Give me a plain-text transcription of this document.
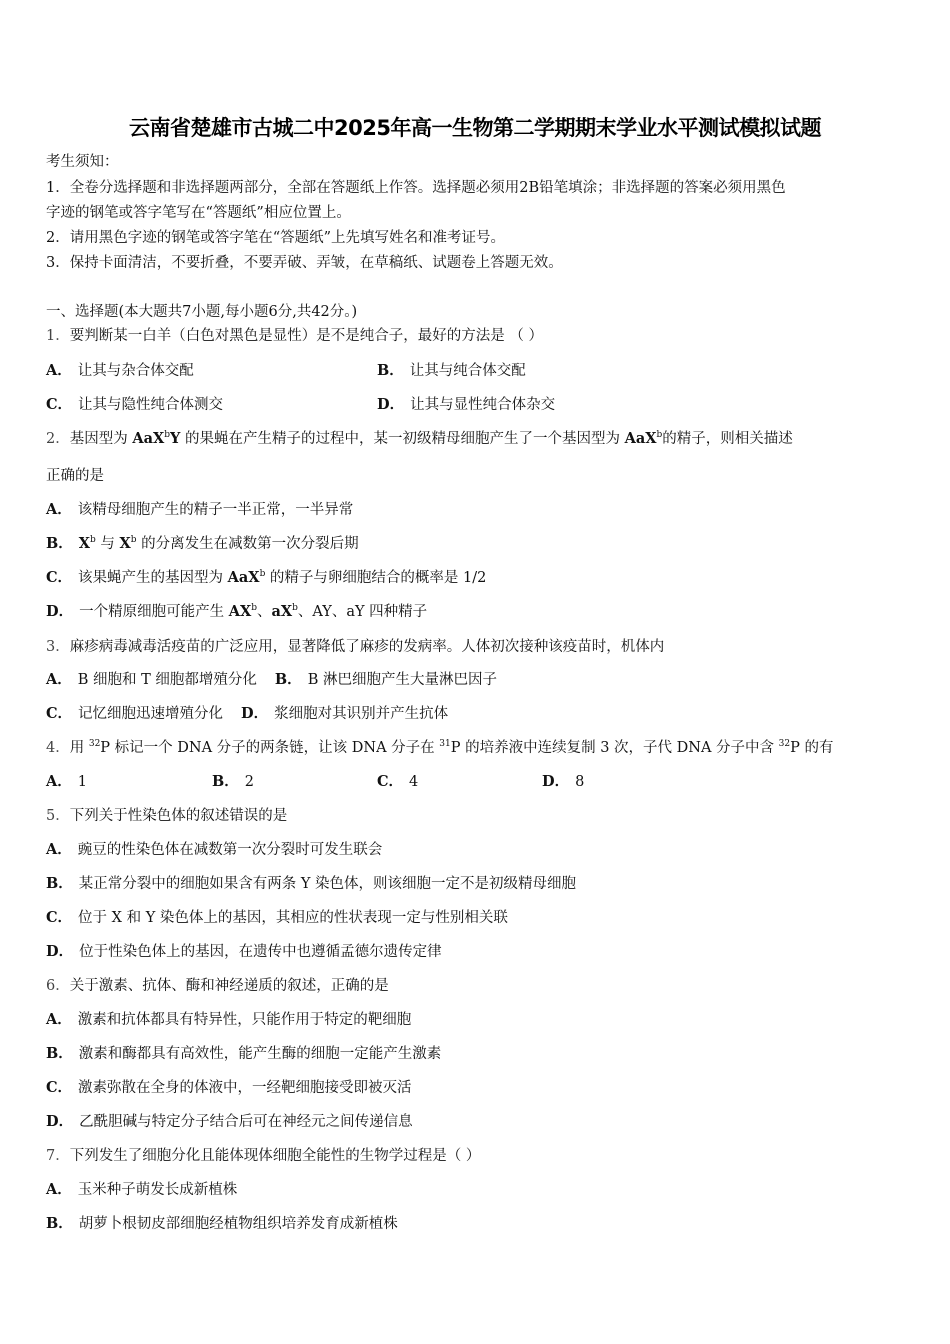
云南省楚雄市古城二中2025年高一生物第二学期期末学业水平测试模拟试题
考生须知：
1．全卷分选择题和非选择题两部分，全部在答题纸上作答。选择题必须用2B铅笔填涂；非选择题的答案必须用黑色
字迹的钢笔或答字笔写在“答题纸”相应位置上。
2．请用黑色字迹的钢笔或答字笔在“答题纸”上先填写姓名和准考证号。
3．保持卡面清洁，不要折叠，不要弄破、弄皱，在草稿纸、试题卷上答题无效。
一、选择题(本大题共7小题,每小题6分,共42分。)
1．要判断某一白羊（白色对黑色是显性）是不是纯合子，最好的方法是 （ ）
A． 让其与杂合体交配	B． 让其与纯合体交配
C． 让其与隐性纯合体测交	D． 让其与显性纯合体杂交
2．基因型为 AaX$^b$Y 的果蝇在产生精子的过程中，某一初级精母细胞产生了一个基因型为 AaX$^b$的精子，则相关描述
正确的是
A． 该精母细胞产生的精子一半正常，一半异常
B． $X^b$ 与 $X^b$ 的分离发生在减数第一次分裂后期
C． 该果蝇产生的基因型为 AaX$^b$ 的精子与卵细胞结合的概率是 1/2
D． 一个精原细胞可能产生 $AX^b$、$aX^b$、AY、aY 四种精子
3．麻疹病毒减毒活疫苗的广泛应用，显著降低了麻疹的发病率。人体初次接种该疫苗时，机体内
A． B 细胞和 T 细胞都增殖分化 B． B 淋巴细胞产生大量淋巴因子
C． 记忆细胞迅速增殖分化 D． 浆细胞对其识别并产生抗体
4．用 $^{32}$P 标记一个 DNA 分子的两条链，让该 DNA 分子在 $^{31}$P 的培养液中连续复制 3 次，子代 DNA 分子中含 $^{32}$P 的有
A． 1	B． 2	C． 4	D． 8
5．下列关于性染色体的叙述错误的是
A． 豌豆的性染色体在减数第一次分裂时可发生联会
B． 某正常分裂中的细胞如果含有两条 Y 染色体，则该细胞一定不是初级精母细胞
C． 位于 X 和 Y 染色体上的基因，其相应的性状表现一定与性别相关联
D． 位于性染色体上的基因，在遗传中也遵循孟德尔遗传定律
6．关于激素、抗体、酶和神经递质的叙述，正确的是
A． 激素和抗体都具有特异性，只能作用于特定的靶细胞
B． 激素和酶都具有高效性，能产生酶的细胞一定能产生激素
C． 激素弥散在全身的体液中，一经靶细胞接受即被灭活
D． 乙酰胆碱与特定分子结合后可在神经元之间传递信息
7．下列发生了细胞分化且能体现体细胞全能性的生物学过程是（ ）
A． 玉米种子萌发长成新植株
B． 胡萝卜根韧皮部细胞经植物组织培养发育成新植株
